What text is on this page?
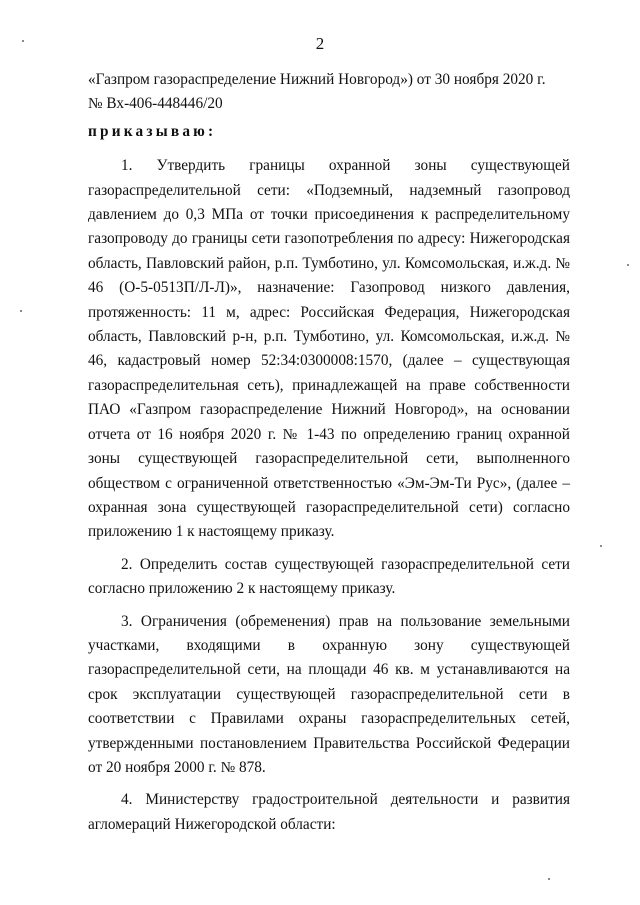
2

«Газпром газораспределение Нижний Новгород») от 30 ноября 2020 г.

№ Вх-406-448446/20

приказываю:

1. Утвердить границы охранной зоны существующей газораспределительной сети: «Подземный, надземный газопровод давлением до 0,3 МПа от точки присоединения к распределительному газопроводу до границы сети газопотребления по адресу: Нижегородская область, Павловский район, р.п. Тумботино, ул. Комсомольская, и.ж.д. № 46 (О-5-0513П/Л-Л)», назначение: Газопровод низкого давления, протяженность: 11 м, адрес: Российская Федерация, Нижегородская область, Павловский р-н, р.п. Тумботино, ул. Комсомольская, и.ж.д. № 46, кадастровый номер 52:34:0300008:1570, (далее – существующая газораспределительная сеть), принадлежащей на праве собственности ПАО «Газпром газораспределение Нижний Новгород», на основании отчета от 16 ноября 2020 г. № 1-43 по определению границ охранной зоны существующей газораспределительной сети, выполненного обществом с ограниченной ответственностью «Эм-Эм-Ти Рус», (далее – охранная зона существующей газораспределительной сети) согласно приложению 1 к настоящему приказу.

2. Определить состав существующей газораспределительной сети согласно приложению 2 к настоящему приказу.

3. Ограничения (обременения) прав на пользование земельными участками, входящими в охранную зону существующей газораспределительной сети, на площади 46 кв. м устанавливаются на срок эксплуатации существующей газораспределительной сети в соответствии с Правилами охраны газораспределительных сетей, утвержденными постановлением Правительства Российской Федерации от 20 ноября 2000 г. № 878.

4. Министерству градостроительной деятельности и развития агломераций Нижегородской области:
